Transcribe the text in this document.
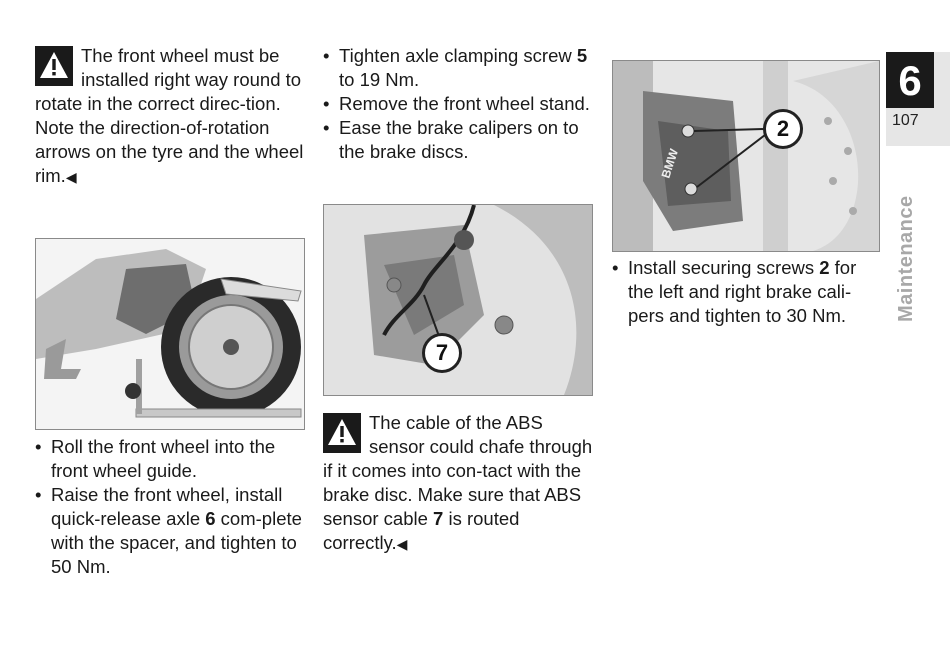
The front wheel must be installed right way round to rotate in the correct direc-tion.

Note the direction-of-rotation arrows on the tyre and the wheel rim.◀

• Roll the front wheel into the front wheel guide.

• Raise the front wheel, install quick-release axle 6 com-plete with the spacer, and tighten to 50 Nm.

• Tighten axle clamping screw 5 to 19 Nm.

• Remove the front wheel stand.

• Ease the brake calipers on to the brake discs.

7

The cable of the ABS sensor could chafe through if it comes into con-tact with the brake disc. Make sure that ABS sensor cable 7 is routed correctly.◀

BMW
2

• Install securing screws 2 for the left and right brake cali-pers and tighten to 30 Nm.

6
107
Maintenance
